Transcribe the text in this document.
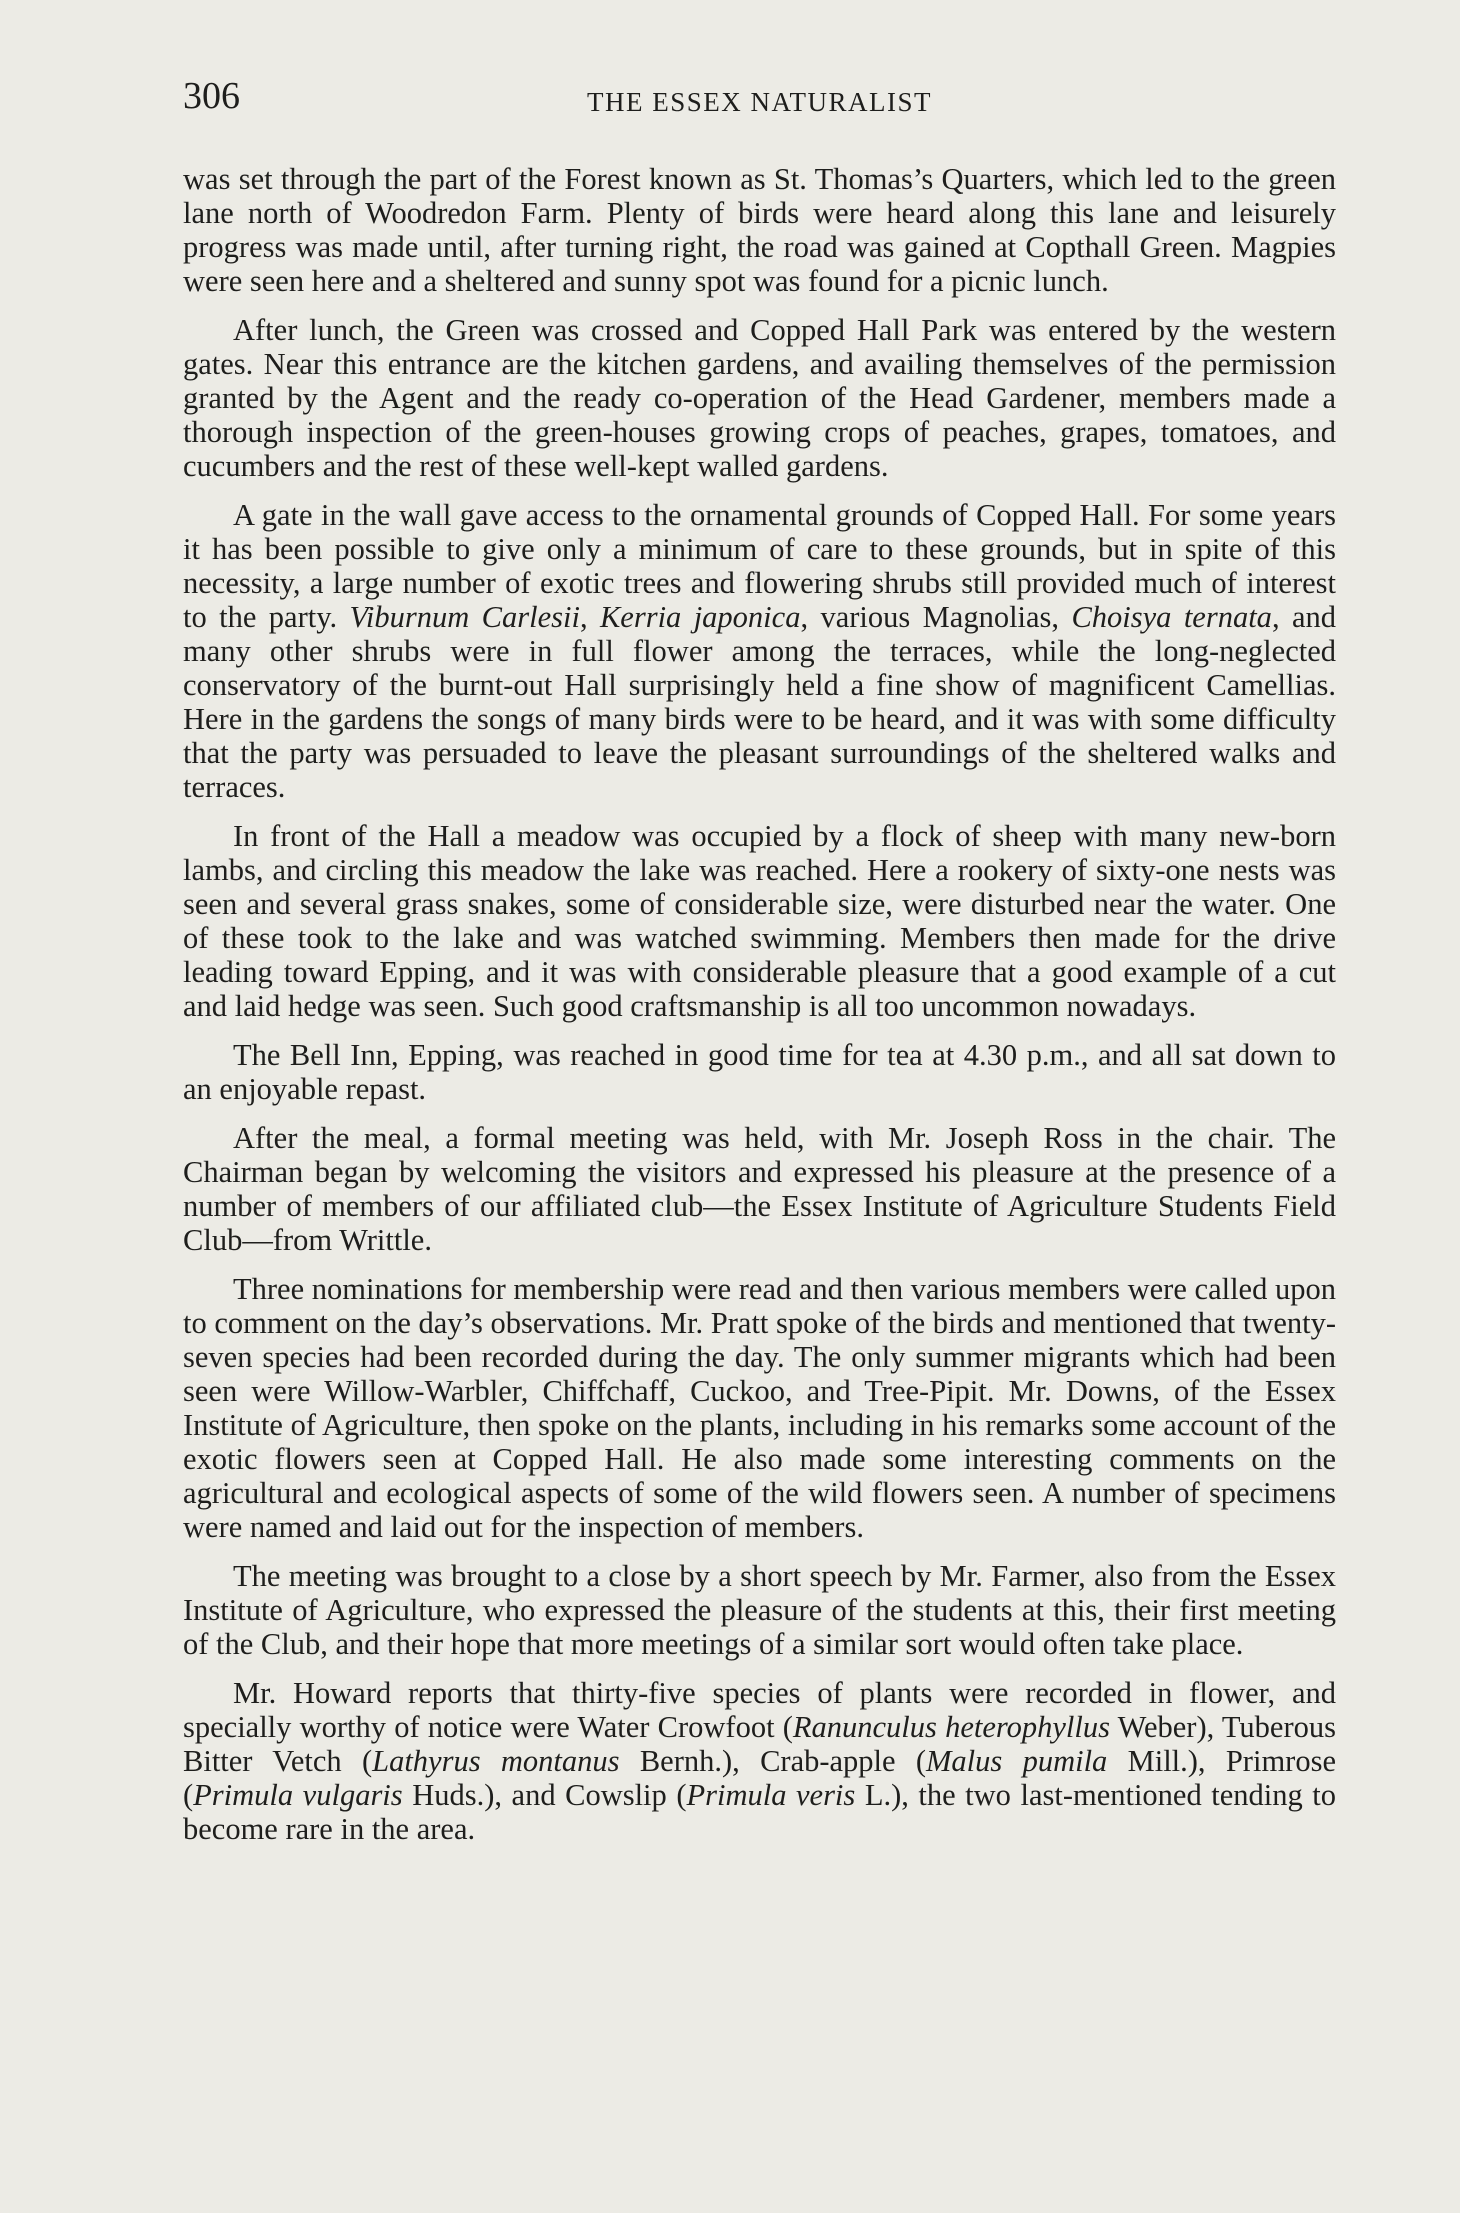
306	THE ESSEX NATURALIST

was set through the part of the Forest known as St. Thomas’s Quarters, which led to the green lane north of Woodredon Farm. Plenty of birds were heard along this lane and leisurely progress was made until, after turning right, the road was gained at Copthall Green. Magpies were seen here and a sheltered and sunny spot was found for a picnic lunch.

After lunch, the Green was crossed and Copped Hall Park was entered by the western gates. Near this entrance are the kitchen gardens, and availing themselves of the permission granted by the Agent and the ready co-operation of the Head Gardener, members made a thorough inspection of the green-houses growing crops of peaches, grapes, tomatoes, and cucumbers and the rest of these well-kept walled gardens.

A gate in the wall gave access to the ornamental grounds of Copped Hall. For some years it has been possible to give only a minimum of care to these grounds, but in spite of this necessity, a large number of exotic trees and flowering shrubs still provided much of interest to the party. Viburnum Carlesii, Kerria japonica, various Magnolias, Choisya ternata, and many other shrubs were in full flower among the terraces, while the long-neglected conservatory of the burnt-out Hall surprisingly held a fine show of magnificent Camellias. Here in the gardens the songs of many birds were to be heard, and it was with some difficulty that the party was persuaded to leave the pleasant surroundings of the sheltered walks and terraces.

In front of the Hall a meadow was occupied by a flock of sheep with many new-born lambs, and circling this meadow the lake was reached. Here a rookery of sixty-one nests was seen and several grass snakes, some of considerable size, were disturbed near the water. One of these took to the lake and was watched swimming. Members then made for the drive leading toward Epping, and it was with considerable pleasure that a good example of a cut and laid hedge was seen. Such good craftsmanship is all too uncommon nowadays.

The Bell Inn, Epping, was reached in good time for tea at 4.30 p.m., and all sat down to an enjoyable repast.

After the meal, a formal meeting was held, with Mr. Joseph Ross in the chair. The Chairman began by welcoming the visitors and expressed his pleasure at the presence of a number of members of our affiliated club—the Essex Institute of Agriculture Students Field Club—from Writtle.

Three nominations for membership were read and then various members were called upon to comment on the day’s observations. Mr. Pratt spoke of the birds and mentioned that twenty-seven species had been recorded during the day. The only summer migrants which had been seen were Willow-Warbler, Chiffchaff, Cuckoo, and Tree-Pipit. Mr. Downs, of the Essex Institute of Agriculture, then spoke on the plants, including in his remarks some account of the exotic flowers seen at Copped Hall. He also made some interesting comments on the agricultural and ecological aspects of some of the wild flowers seen. A number of specimens were named and laid out for the inspection of members.

The meeting was brought to a close by a short speech by Mr. Farmer, also from the Essex Institute of Agriculture, who expressed the pleasure of the students at this, their first meeting of the Club, and their hope that more meetings of a similar sort would often take place.

Mr. Howard reports that thirty-five species of plants were recorded in flower, and specially worthy of notice were Water Crowfoot (Ranunculus heterophyllus Weber), Tuberous Bitter Vetch (Lathyrus montanus Bernh.), Crab-apple (Malus pumila Mill.), Primrose (Primula vulgaris Huds.), and Cowslip (Primula veris L.), the two last-mentioned tending to become rare in the area.
